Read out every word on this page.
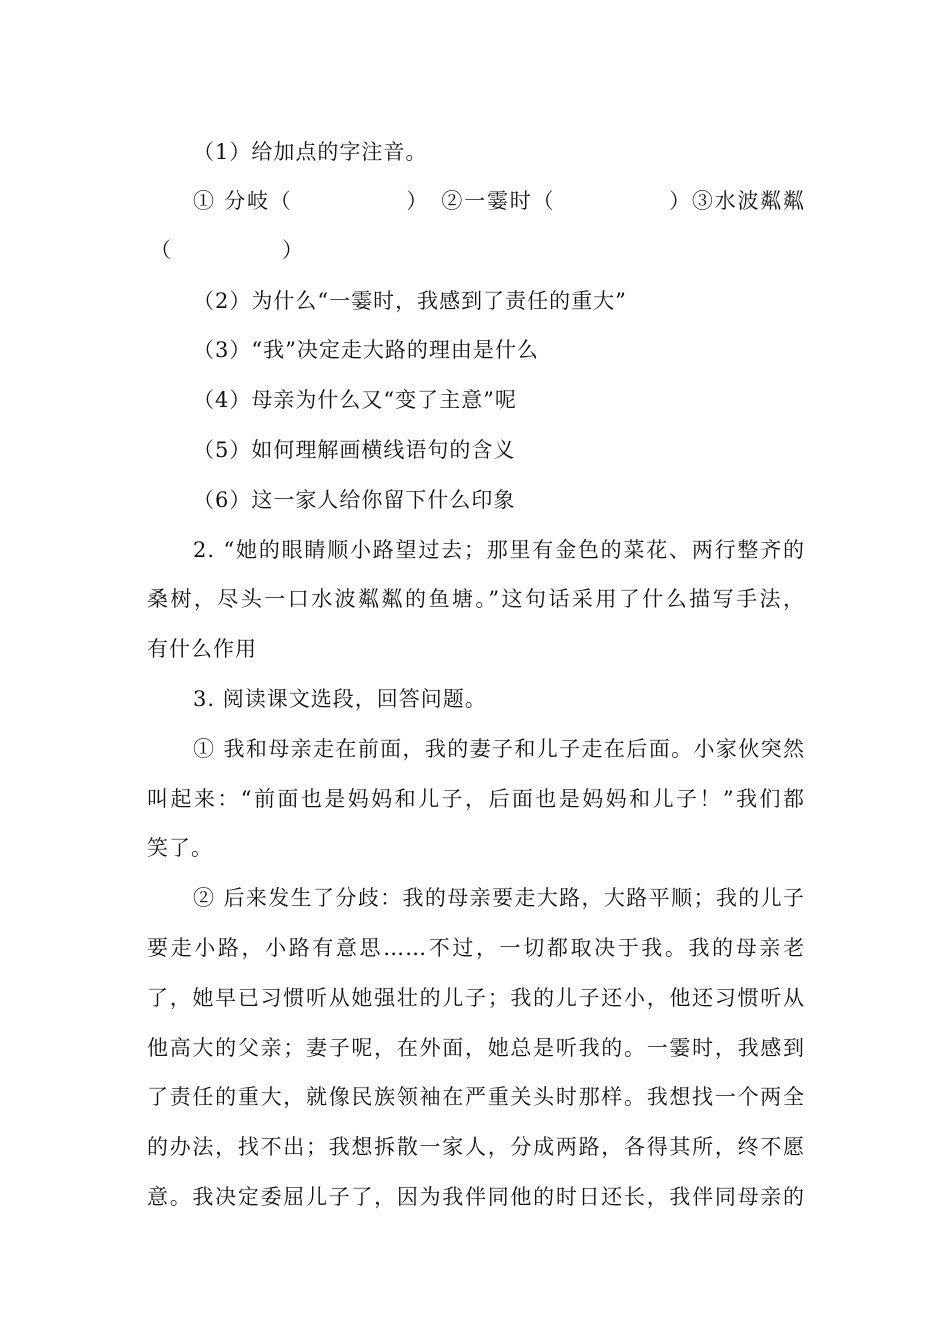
（1）给加点的字注音。
① 分岐（　　　　　）　②一霎时（　　　　　）③水波粼粼
（　　　　　）
（2）为什么“一霎时，我感到了责任的重大”
（3）“我”决定走大路的理由是什么
（4）母亲为什么又“变了主意”呢
（5）如何理解画横线语句的含义
（6）这一家人给你留下什么印象
2. “她的眼睛顺小路望过去；那里有金色的菜花、两行整齐的
桑树，尽头一口水波粼粼的鱼塘。”这句话采用了什么描写手法，
有什么作用
3. 阅读课文选段，回答问题。
① 我和母亲走在前面，我的妻子和儿子走在后面。小家伙突然
叫起来：“前面也是妈妈和儿子，后面也是妈妈和儿子！”我们都
笑了。
② 后来发生了分歧：我的母亲要走大路，大路平顺；我的儿子
要走小路，小路有意思……不过，一切都取决于我。我的母亲老
了，她早已习惯听从她强壮的儿子；我的儿子还小，他还习惯听从
他高大的父亲；妻子呢，在外面，她总是听我的。一霎时，我感到
了责任的重大，就像民族领袖在严重关头时那样。我想找一个两全
的办法，找不出；我想拆散一家人，分成两路，各得其所，终不愿
意。我决定委屈儿子了，因为我伴同他的时日还长，我伴同母亲的
